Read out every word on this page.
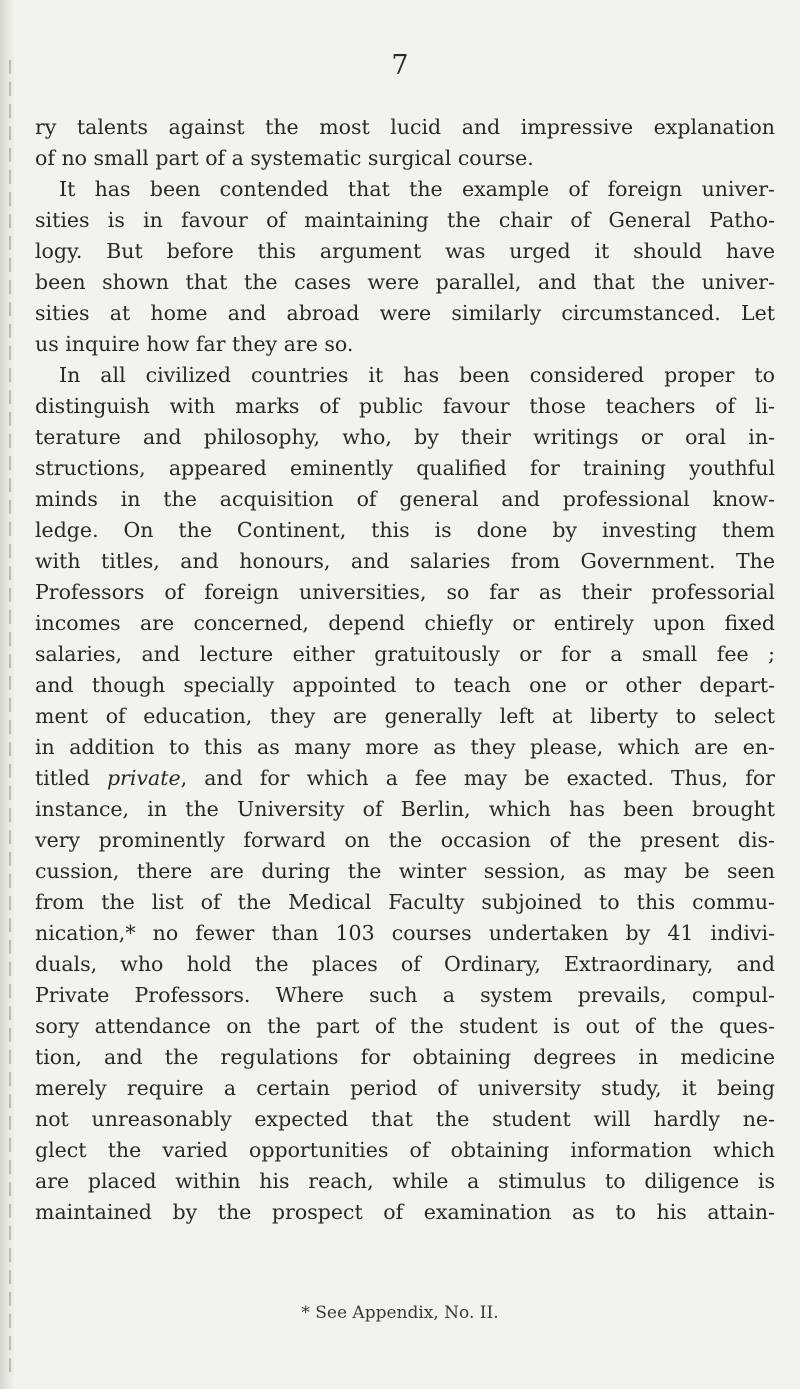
7
ry talents against the most lucid and impressive explanation
of no small part of a systematic surgical course.
It has been contended that the example of foreign univer-
sities is in favour of maintaining the chair of General Patho-
logy. But before this argument was urged it should have
been shown that the cases were parallel, and that the univer-
sities at home and abroad were similarly circumstanced. Let
us inquire how far they are so.
In all civilized countries it has been considered proper to
distinguish with marks of public favour those teachers of li-
terature and philosophy, who, by their writings or oral in-
structions, appeared eminently qualified for training youthful
minds in the acquisition of general and professional know-
ledge. On the Continent, this is done by investing them
with titles, and honours, and salaries from Government. The
Professors of foreign universities, so far as their professorial
incomes are concerned, depend chiefly or entirely upon fixed
salaries, and lecture either gratuitously or for a small fee ;
and though specially appointed to teach one or other depart-
ment of education, they are generally left at liberty to select
in addition to this as many more as they please, which are en-
titled private, and for which a fee may be exacted. Thus, for
instance, in the University of Berlin, which has been brought
very prominently forward on the occasion of the present dis-
cussion, there are during the winter session, as may be seen
from the list of the Medical Faculty subjoined to this commu-
nication,* no fewer than 103 courses undertaken by 41 indivi-
duals, who hold the places of Ordinary, Extraordinary, and
Private Professors. Where such a system prevails, compul-
sory attendance on the part of the student is out of the ques-
tion, and the regulations for obtaining degrees in medicine
merely require a certain period of university study, it being
not unreasonably expected that the student will hardly ne-
glect the varied opportunities of obtaining information which
are placed within his reach, while a stimulus to diligence is
maintained by the prospect of examination as to his attain-
* See Appendix, No. II.
